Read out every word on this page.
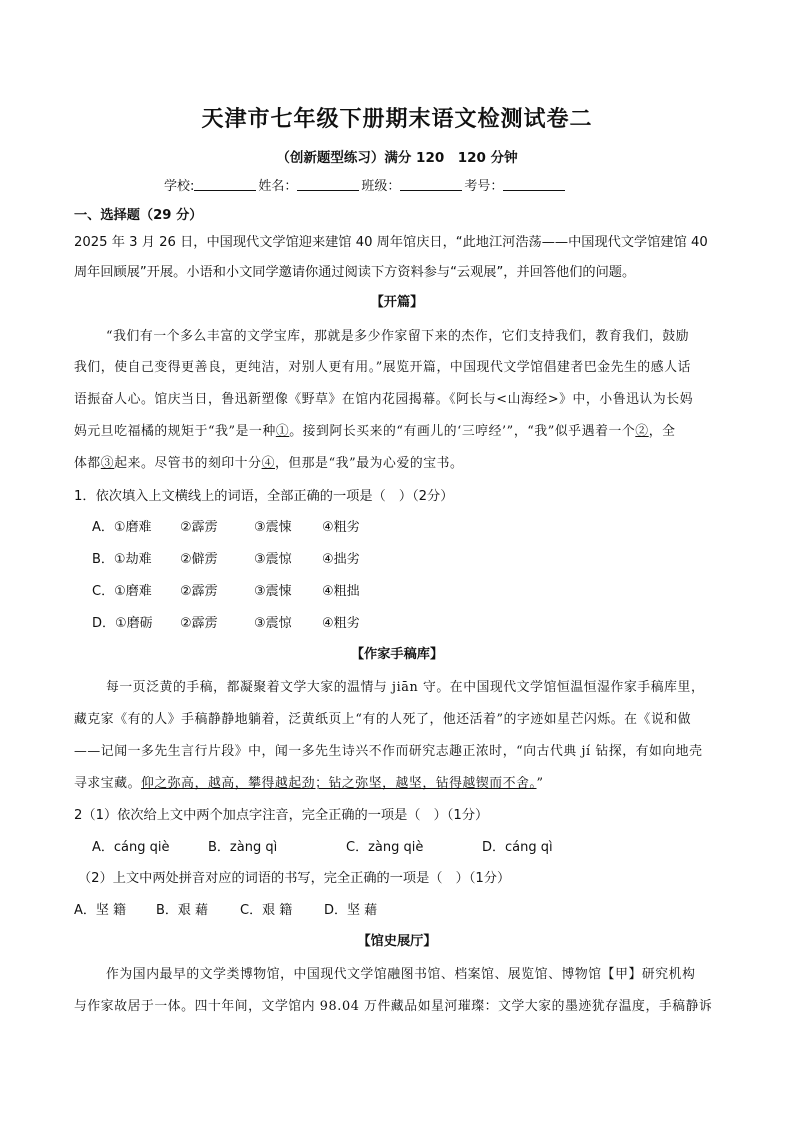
天津市七年级下册期末语文检测试卷二
（创新题型练习）满分 120　120 分钟
学校:	姓名：	班级：	考号：
一、选择题（29 分）
2025 年 3 月 26 日，中国现代文学馆迎来建馆 40 周年馆庆日，“此地江河浩荡——中国现代文学馆建馆 40
周年回顾展”开展。小语和小文同学邀请你通过阅读下方资料参与“云观展”，并回答他们的问题。
【开篇】
“我们有一个多么丰富的文学宝库，那就是多少作家留下来的杰作，它们支持我们，教育我们，鼓励
我们，使自己变得更善良，更纯洁，对别人更有用。”展览开篇，中国现代文学馆倡建者巴金先生的感人话
语振奋人心。馆庆当日，鲁迅新塑像《野草》在馆内花园揭幕。《阿长与<山海经>》中，小鲁迅认为长妈
妈元旦吃福橘的规矩于“我”是一种①。接到阿长买来的“有画儿的‘三哼经’”，“我”似乎遇着一个②，全
体都③起来。尽管书的刻印十分④，但那是“我”最为心爱的宝书。
1．依次填入上文横线上的词语，全部正确的一项是（　）（2分）
A．①磨难 ②霹雳	③震悚 ④粗劣
B．①劫难 ②僻雳	③震惊 ④拙劣
C．①磨难 ②霹雳	③震悚 ④粗拙
D．①磨砺 ②霹雳	③震惊 ④粗劣
【作家手稿库】
每一页泛黄的手稿，都凝聚着文学大家的温情与 jiān 守。在中国现代文学馆恒温恒湿作家手稿库里，
藏克家《有的人》手稿静静地躺着，泛黄纸页上“有的人死了，他还活着”的字迹如星芒闪烁。在《说和做
——记闻一多先生言行片段》中，闻一多先生诗兴不作而研究志趣正浓时，“向古代典 jí 钻探，有如向地壳
寻求宝藏。仰之弥高，越高，攀得越起劲；钻之弥坚，越坚，钻得越锲而不舍。”
2（1）依次给上文中两个加点字注音，完全正确的一项是（　）（1分）
A．cáng qiè	B．zàng qì	C．zàng qiè	D．cáng qì
（2）上文中两处拼音对应的词语的书写，完全正确的一项是（　）（1分）
A．坚 籍 B．艰 藉 C．艰 籍 D．坚 藉
【馆史展厅】
作为国内最早的文学类博物馆，中国现代文学馆融图书馆、档案馆、展览馆、博物馆【甲】研究机构
与作家故居于一体。四十年间，文学馆内 98.04 万件藏品如星河璀璨：文学大家的墨迹犹存温度，手稿静诉
